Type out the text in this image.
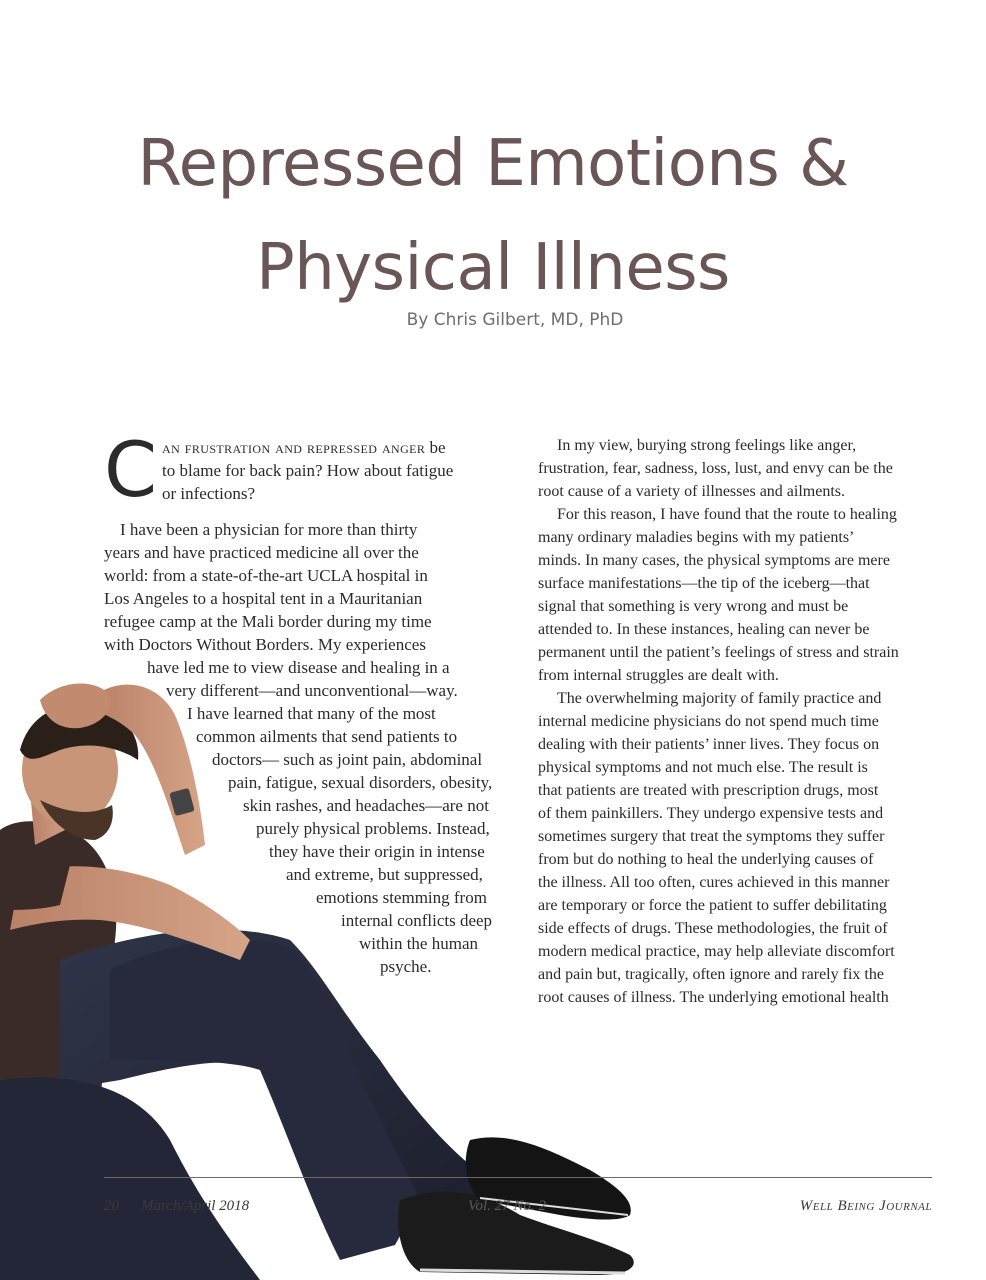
Repressed Emotions &
Physical Illness
By Chris Gilbert, MD, PhD
C an frustration and repressed anger be
to blame for back pain? How about fatigue
or infections?
I have been a physician for more than thirty
years and have practiced medicine all over the
world: from a state-of-the-art UCLA hospital in
Los Angeles to a hospital tent in a Mauritanian
refugee camp at the Mali border during my time
with Doctors Without Borders. My experiences
have led me to view disease and healing in a
very different—and unconventional—way.
I have learned that many of the most
common ailments that send patients to
doctors— such as joint pain, abdominal
pain, fatigue, sexual disorders, obesity,
skin rashes, and headaches—are not
purely physical problems. Instead,
they have their origin in intense
and extreme, but suppressed,
emotions stemming from
internal conflicts deep
within the human
psyche.
In my view, burying strong feelings like anger,
frustration, fear, sadness, loss, lust, and envy can be the
root cause of a variety of illnesses and ailments.
For this reason, I have found that the route to healing
many ordinary maladies begins with my patients’
minds. In many cases, the physical symptoms are mere
surface manifestations—the tip of the iceberg—that
signal that something is very wrong and must be
attended to. In these instances, healing can never be
permanent until the patient’s feelings of stress and strain
from internal struggles are dealt with.
The overwhelming majority of family practice and
internal medicine physicians do not spend much time
dealing with their patients’ inner lives. They focus on
physical symptoms and not much else. The result is
that patients are treated with prescription drugs, most
of them painkillers. They undergo expensive tests and
sometimes surgery that treat the symptoms they suffer
from but do nothing to heal the underlying causes of
the illness. All too often, cures achieved in this manner
are temporary or force the patient to suffer debilitating
side effects of drugs. These methodologies, the fruit of
modern medical practice, may help alleviate discomfort
and pain but, tragically, often ignore and rarely fix the
root causes of illness. The underlying emotional health
20 March/April 2018	Vol. 27 No. 2	Well Being Journal
